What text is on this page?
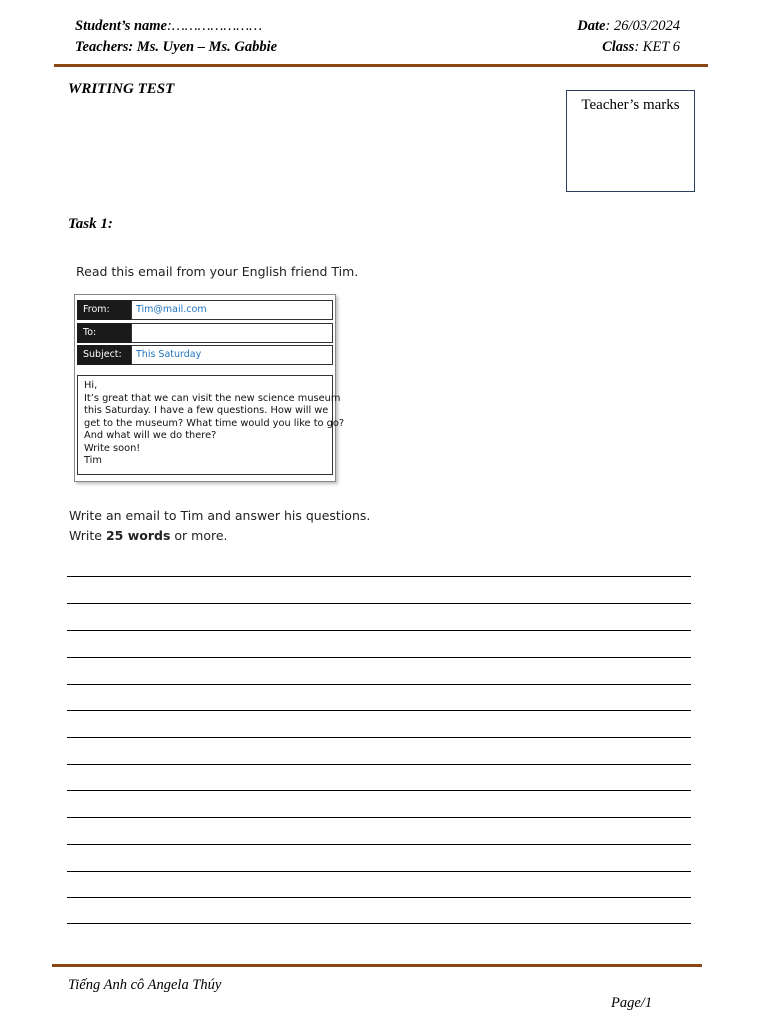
Student’s name:…………………
Teachers: Ms. Uyen – Ms. Gabbie
Date: 26/03/2024
Class: KET 6
WRITING TEST
Teacher’s marks
Task 1:
Read this email from your English friend Tim.
From:	Tim@mail.com
To:
Subject:	This Saturday
Hi,
It’s great that we can visit the new science museum
this Saturday. I have a few questions. How will we
get to the museum? What time would you like to go?
And what will we do there?
Write soon!
Tim
Write an email to Tim and answer his questions.
Write 25 words or more.
Tiếng Anh cô Angela Thúy
Page/1
